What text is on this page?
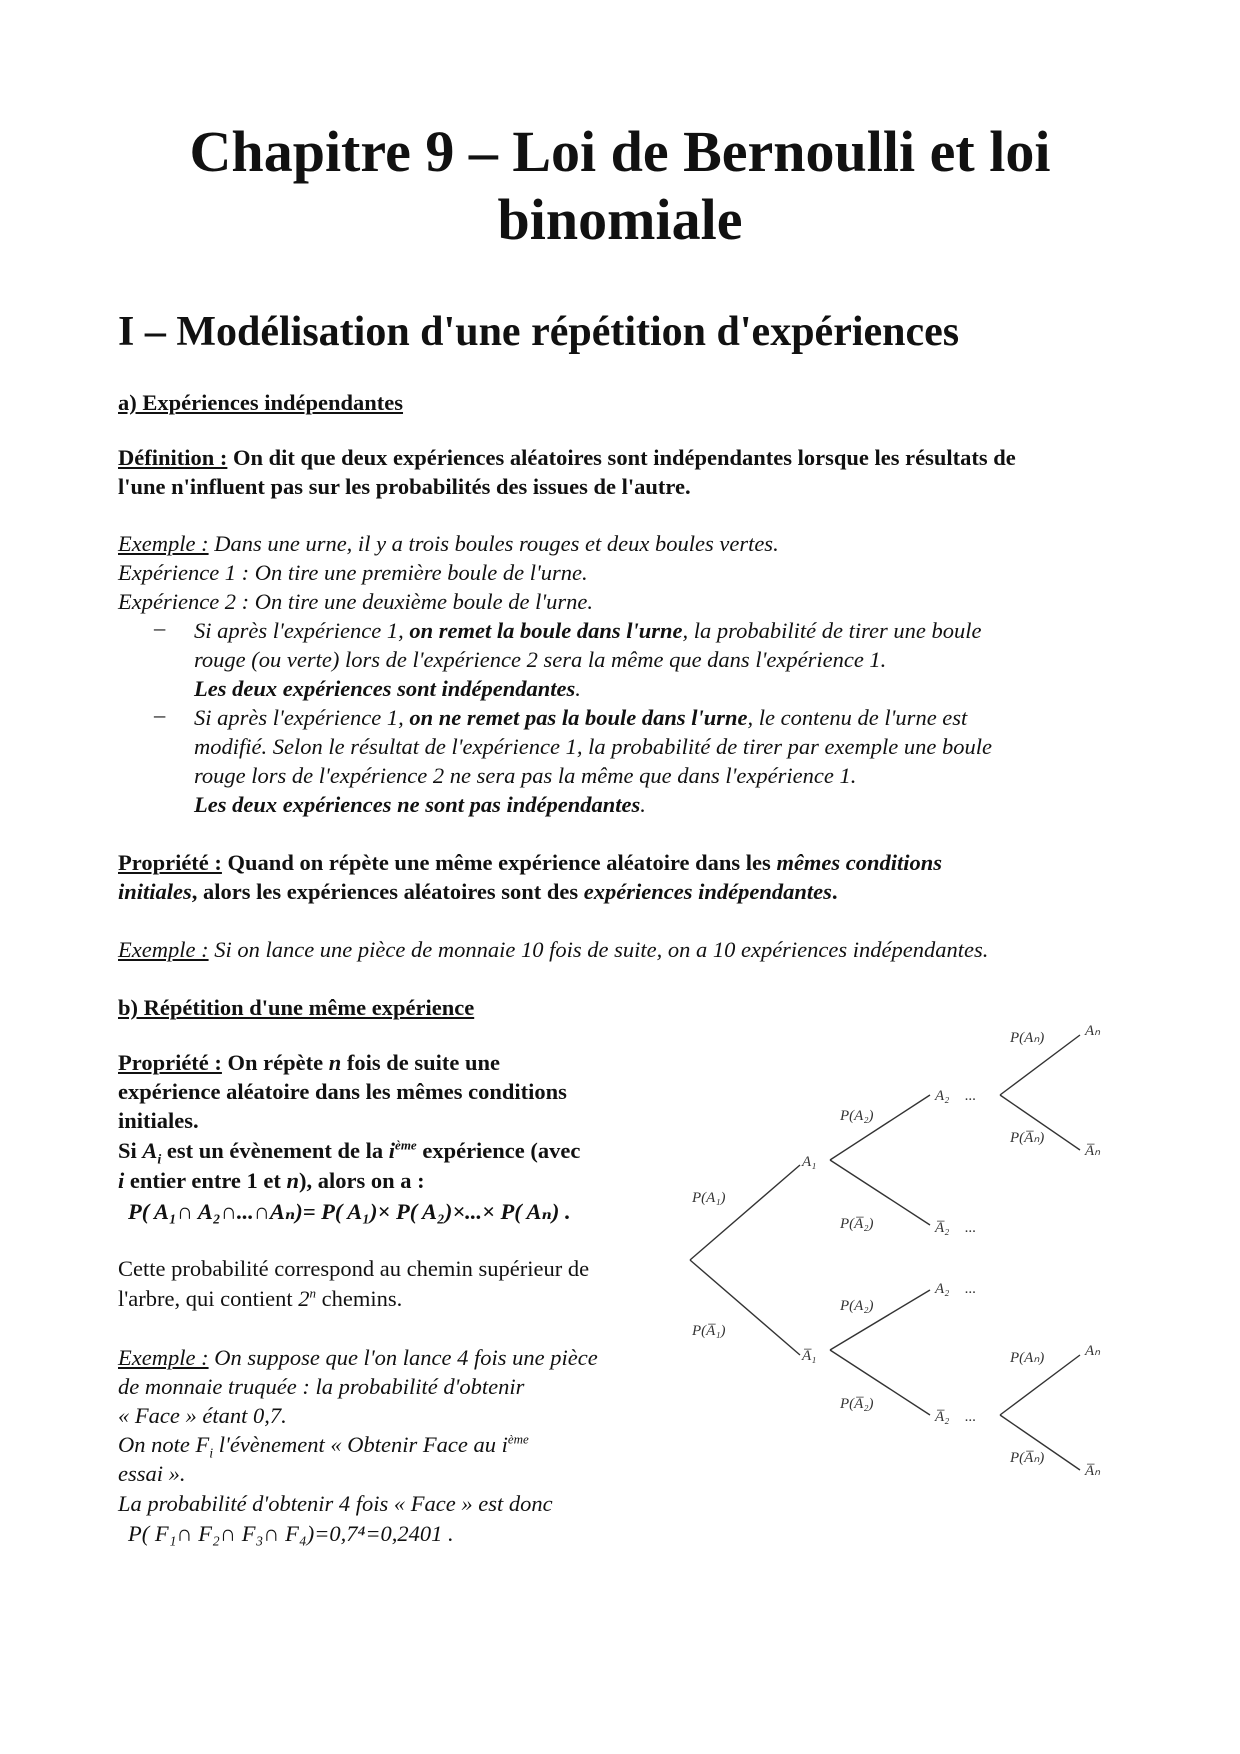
Chapitre 9 – Loi de Bernoulli et loi binomiale
I – Modélisation d'une répétition d'expériences
a) Expériences indépendantes
Définition : On dit que deux expériences aléatoires sont indépendantes lorsque les résultats de
l'une n'influent pas sur les probabilités des issues de l'autre.
Exemple : Dans une urne, il y a trois boules rouges et deux boules vertes.
Expérience 1 : On tire une première boule de l'urne.
Expérience 2 : On tire une deuxième boule de l'urne.
– Si après l'expérience 1, on remet la boule dans l'urne, la probabilité de tirer une boule
rouge (ou verte) lors de l'expérience 2 sera la même que dans l'expérience 1.
Les deux expériences sont indépendantes.
– Si après l'expérience 1, on ne remet pas la boule dans l'urne, le contenu de l'urne est
modifié. Selon le résultat de l'expérience 1, la probabilité de tirer par exemple une boule
rouge lors de l'expérience 2 ne sera pas la même que dans l'expérience 1.
Les deux expériences ne sont pas indépendantes.
Propriété : Quand on répète une même expérience aléatoire dans les mêmes conditions
initiales, alors les expériences aléatoires sont des expériences indépendantes.
Exemple : Si on lance une pièce de monnaie 10 fois de suite, on a 10 expériences indépendantes.
b) Répétition d'une même expérience
Propriété : On répète n fois de suite une
expérience aléatoire dans les mêmes conditions
initiales.
Si $A_i$ est un évènement de la $i^{ème}$ expérience (avec
i entier entre 1 et n), alors on a :
P( A₁∩ A₂∩...∩Aₙ)= P( A₁)× P( A₂)×...× P( Aₙ) .
Cette probabilité correspond au chemin supérieur de
l'arbre, qui contient 2$^n$ chemins.
Exemple : On suppose que l'on lance 4 fois une pièce
de monnaie truquée : la probabilité d'obtenir
« Face » étant 0,7.
On note $F_i$ l'évènement « Obtenir Face au $i^{ème}$
essai ».
La probabilité d'obtenir 4 fois « Face » est donc
P( F₁∩ F₂∩ F₃∩ F₄)=0,7⁴=0,2401 .
P(A₁)
P(A̅₁)
A₁
A̅₁
P(A₂)
P(A̅₂)
P(A₂)
P(A̅₂)
A₂
A̅₂
A₂
A̅₂
...
...
...
...
P(Aₙ)
P(A̅ₙ)
P(Aₙ)
P(A̅ₙ)
Aₙ
A̅ₙ
Aₙ
A̅ₙ
